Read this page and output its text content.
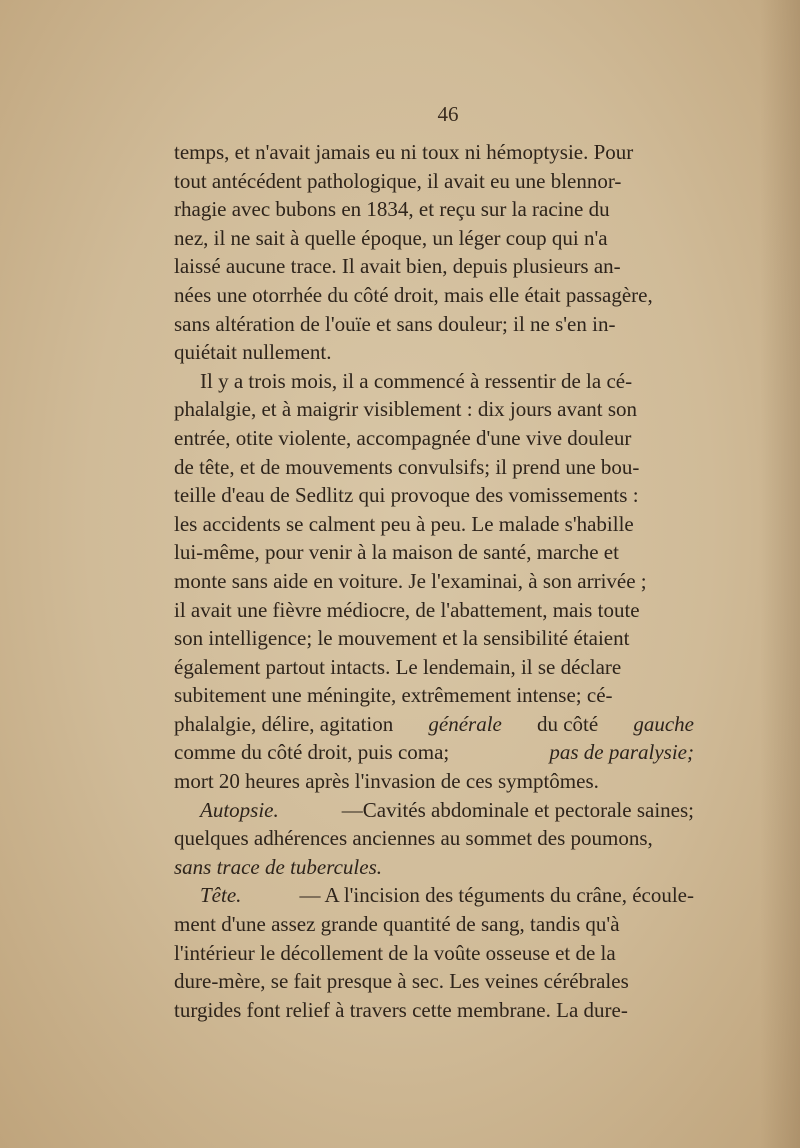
46
temps, et n'avait jamais eu ni toux ni hémoptysie. Pour
tout antécédent pathologique, il avait eu une blennor-
rhagie avec bubons en 1834, et reçu sur la racine du
nez, il ne sait à quelle époque, un léger coup qui n'a
laissé aucune trace. Il avait bien, depuis plusieurs an-
nées une otorrhée du côté droit, mais elle était passagère,
sans altération de l'ouïe et sans douleur; il ne s'en in-
quiétait nullement.
Il y a trois mois, il a commencé à ressentir de la cé-
phalalgie, et à maigrir visiblement : dix jours avant son
entrée, otite violente, accompagnée d'une vive douleur
de tête, et de mouvements convulsifs; il prend une bou-
teille d'eau de Sedlitz qui provoque des vomissements :
les accidents se calment peu à peu. Le malade s'habille
lui-même, pour venir à la maison de santé, marche et
monte sans aide en voiture. Je l'examinai, à son arrivée ;
il avait une fièvre médiocre, de l'abattement, mais toute
son intelligence; le mouvement et la sensibilité étaient
également partout intacts. Le lendemain, il se déclare
subitement une méningite, extrêmement intense; cé-
phalalgie, délire, agitation générale du côté gauche
comme du côté droit, puis coma;	pas de paralysie;
mort 20 heures après l'invasion de ces symptômes.
Autopsie.	—Cavités abdominale et pectorale saines;
quelques adhérences anciennes au sommet des poumons,
sans trace de tubercules.
Tête.	— A l'incision des téguments du crâne, écoule-
ment d'une assez grande quantité de sang, tandis qu'à
l'intérieur le décollement de la voûte osseuse et de la
dure-mère, se fait presque à sec. Les veines cérébrales
turgides font relief à travers cette membrane. La dure-
